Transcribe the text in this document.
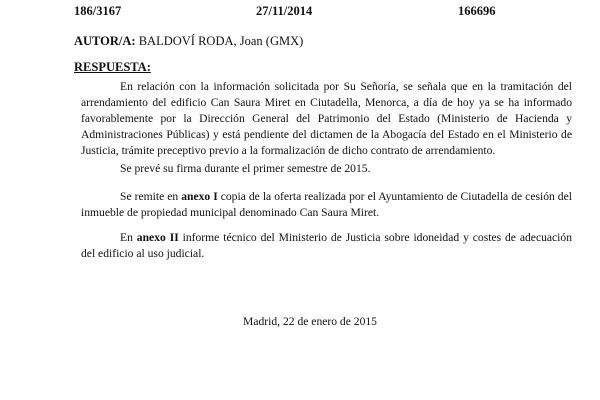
186/3167	27/11/2014	166696
AUTOR/A: BALDOVÍ RODA, Joan (GMX)
RESPUESTA:

En relación con la información solicitada por Su Señoría, se señala que en la tramitación del arrendamiento del edificio Can Saura Miret en Ciutadella, Menorca, a día de hoy ya se ha informado favorablemente por la Dirección General del Patrimonio del Estado (Ministerio de Hacienda y Administraciones Públicas) y está pendiente del dictamen de la Abogacía del Estado en el Ministerio de Justicia, trámite preceptivo previo a la formalización de dicho contrato de arrendamiento.

Se prevé su firma durante el primer semestre de 2015.

Se remite en anexo I copia de la oferta realizada por el Ayuntamiento de Ciutadella de cesión del inmueble de propiedad municipal denominado Can Saura Miret.

En anexo II informe técnico del Ministerio de Justicia sobre idoneidad y costes de adecuación del edificio al uso judicial.

Madrid, 22 de enero de 2015
